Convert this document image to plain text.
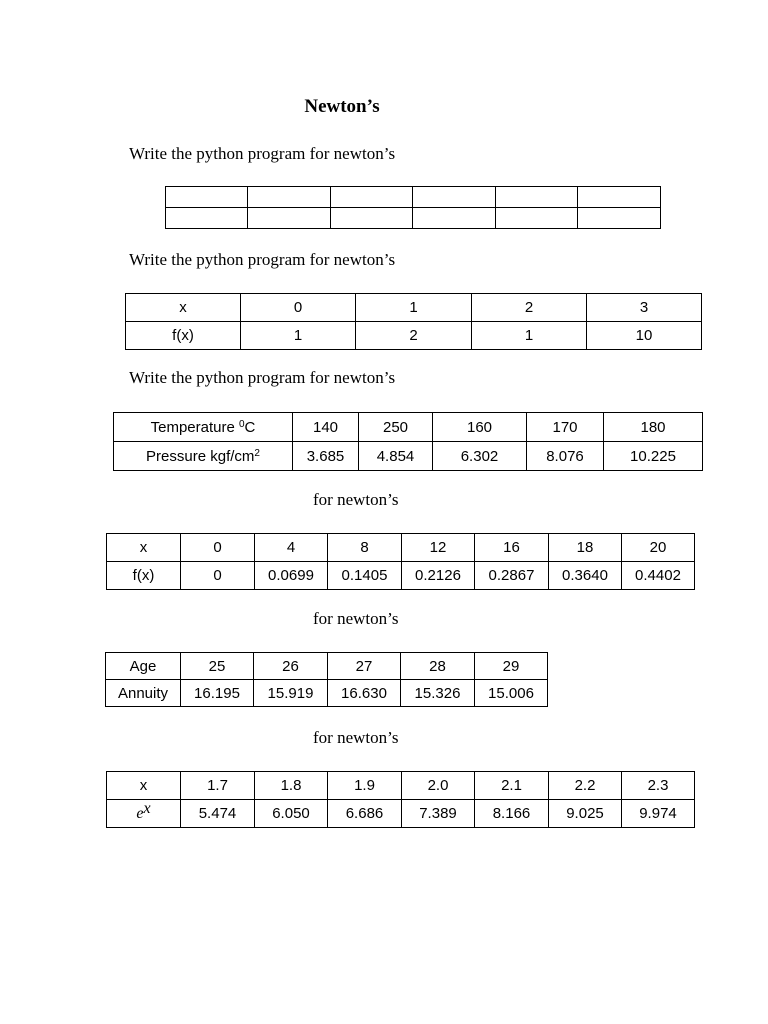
Newton’s
Write the python program for newton’s

Write the python program for newton’s
x	0	1	2	3
f(x)	1	2	1	10
Write the python program for newton’s
Temperature $^0$C	140	250	160	170	180
Pressure kgf/$cm^2$	3.685	4.854	6.302	8.076	10.225
for newton’s
x	0	4	8	12	16	18	20
f(x)	0	0.0699	0.1405	0.2126	0.2867	0.3640	0.4402
for newton’s
Age	25	26	27	28	29
Annuity	16.195	15.919	16.630	15.326	15.006
for newton’s
x	1.7	1.8	1.9	2.0	2.1	2.2	2.3
$e^x$	5.474	6.050	6.686	7.389	8.166	9.025	9.974
